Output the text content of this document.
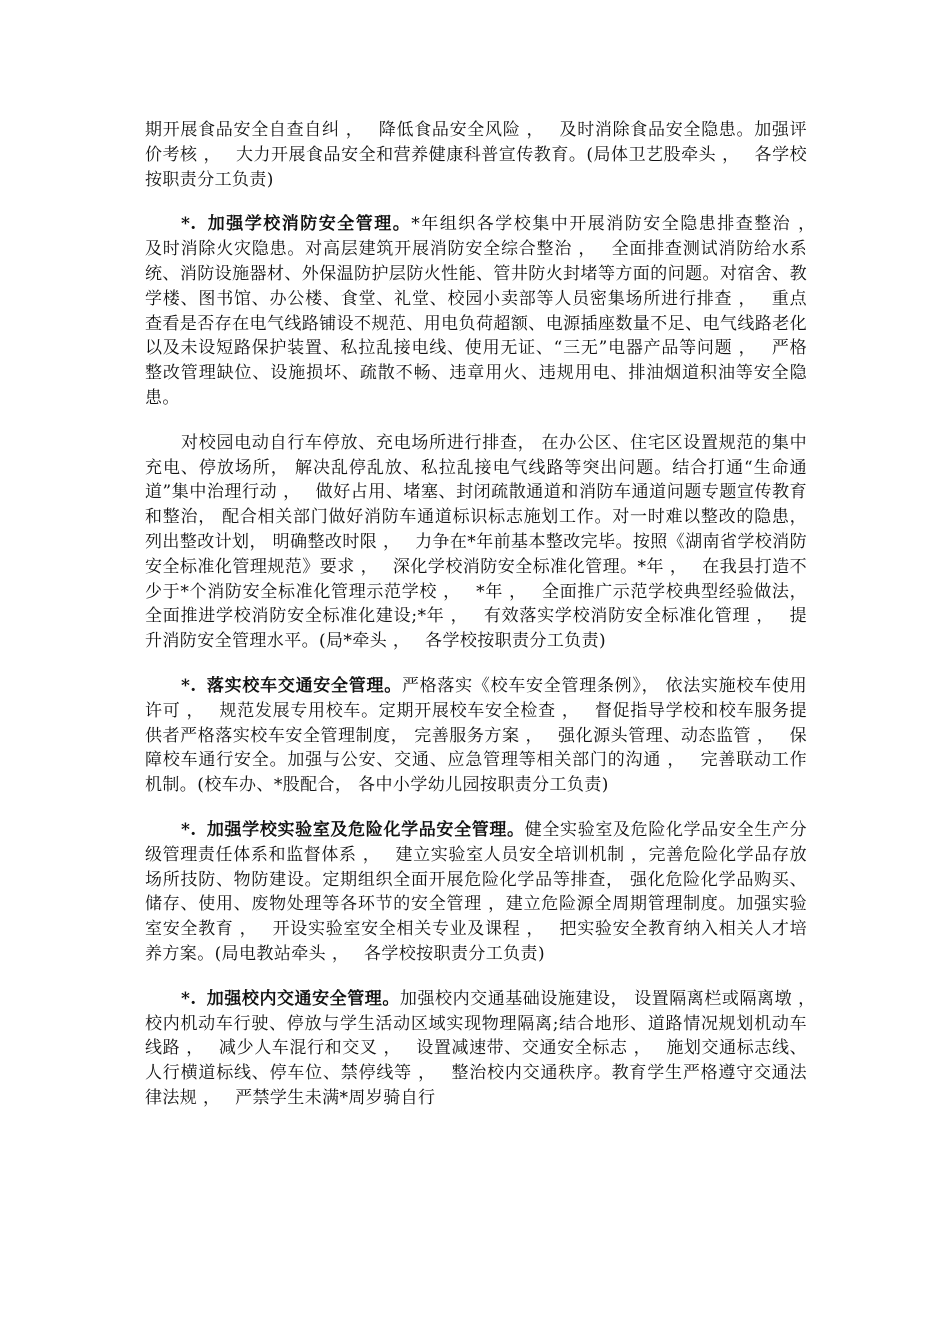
期开展食品安全自查自纠 ，　 降低食品安全风险 ，　 及时消除食品安全隐患。加强评价考核 ，　 大力开展食品安全和营养健康科普宣传教育。(局体卫艺股牵头 ，　 各学校按职责分工负责)

*. 加强学校消防安全管理。*年组织各学校集中开展消防安全隐患排查整治 ，　 及时消除火灾隐患。对高层建筑开展消防安全综合整治 ，　 全面排查测试消防给水系统、消防设施器材、外保温防护层防火性能、管井防火封堵等方面的问题。对宿舍、教学楼、图书馆、办公楼、食堂、礼堂、校园小卖部等人员密集场所进行排查 ，　 重点查看是否存在电气线路铺设不规范、用电负荷超额、电源插座数量不足、电气线路老化以及未设短路保护装置、私拉乱接电线、使用无证、“三无”电器产品等问题 ，　 严格整改管理缺位、设施损坏、疏散不畅、违章用火、违规用电、排油烟道积油等安全隐患。

对校园电动自行车停放、充电场所进行排查， 在办公区、住宅区设置规范的集中充电、停放场所， 解决乱停乱放、私拉乱接电气线路等突出问题。结合打通“生命通道”集中治理行动 ，　 做好占用、堵塞、封闭疏散通道和消防车通道问题专题宣传教育和整治， 配合相关部门做好消防车通道标识标志施划工作。对一时难以整改的隐患， 列出整改计划， 明确整改时限 ，　 力争在*年前基本整改完毕。按照《湖南省学校消防安全标准化管理规范》要求 ，　 深化学校消防安全标准化管理。*年 ，　 在我县打造不少于*个消防安全标准化管理示范学校 ，　 *年 ，　 全面推广示范学校典型经验做法， 全面推进学校消防安全标准化建设;*年 ，　 有效落实学校消防安全标准化管理 ，　 提升消防安全管理水平。(局*牵头 ，　 各学校按职责分工负责)

*. 落实校车交通安全管理。严格落实《校车安全管理条例》， 依法实施校车使用许可 ，　 规范发展专用校车。定期开展校车安全检查 ，　 督促指导学校和校车服务提供者严格落实校车安全管理制度， 完善服务方案 ，　 强化源头管理、动态监管 ，　 保障校车通行安全。加强与公安、交通、应急管理等相关部门的沟通 ，　 完善联动工作机制。(校车办、*股配合， 各中小学幼儿园按职责分工负责)

*. 加强学校实验室及危险化学品安全管理。健全实验室及危险化学品安全生产分级管理责任体系和监督体系 ，　 建立实验室人员安全培训机制 ，完善危险化学品存放场所技防、物防建设。定期组织全面开展危险化学品等排查， 强化危险化学品购买、储存、使用、废物处理等各环节的安全管理 ，建立危险源全周期管理制度。加强实验室安全教育 ，　 开设实验室安全相关专业及课程 ，　 把实验安全教育纳入相关人才培养方案。(局电教站牵头 ，　 各学校按职责分工负责)

*. 加强校内交通安全管理。加强校内交通基础设施建设， 设置隔离栏或隔离墩 ，　 校内机动车行驶、停放与学生活动区域实现物理隔离;结合地形、道路情况规划机动车线路 ，　 减少人车混行和交叉 ，　 设置减速带、交通安全标志 ，　 施划交通标志线、人行横道标线、停车位、禁停线等 ，　 整治校内交通秩序。教育学生严格遵守交通法律法规 ，　 严禁学生未满*周岁骑自行
